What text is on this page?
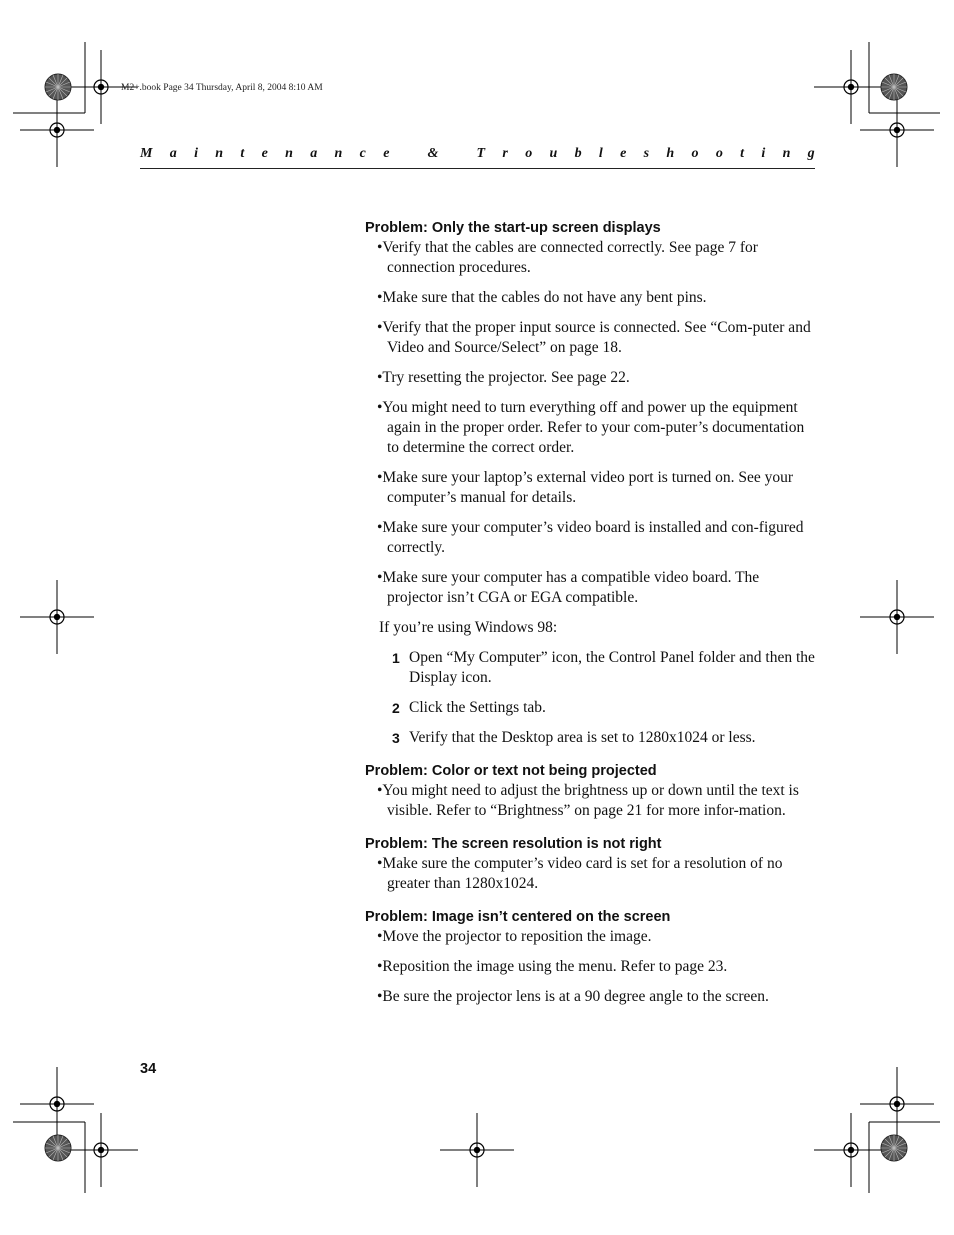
M2+.book Page 34 Thursday, April 8, 2004 8:10 AM
M a i n t e n a n c e
	&
	T r o u b l e s h o o t i n g

Problem: Only the start-up screen displays

•Verify that the cables are connected correctly. See page 7 for connection procedures.

•Make sure that the cables do not have any bent pins.

•Verify that the proper input source is connected. See “Com-puter and Video and Source/Select” on page 18.

•Try resetting the projector. See page 22.

•You might need to turn everything off and power up the equipment again in the proper order. Refer to your com-puter’s documentation to determine the correct order.

•Make sure your laptop’s external video port is turned on. See your computer’s manual for details.

•Make sure your computer’s video board is installed and con-figured correctly.

•Make sure your computer has a compatible video board. The projector isn’t CGA or EGA compatible.

If you’re using Windows 98:

1 Open “My Computer” icon, the Control Panel folder and then the Display icon.
2 Click the Settings tab.
3 Verify that the Desktop area is set to 1280x1024 or less.

Problem: Color or text not being projected

•You might need to adjust the brightness up or down until the text is visible. Refer to “Brightness” on page 21 for more infor-mation.

Problem: The screen resolution is not right

•Make sure the computer’s video card is set for a resolution of no greater than 1280x1024.

Problem: Image isn’t centered on the screen

•Move the projector to reposition the image.

•Reposition the image using the menu. Refer to page 23.

•Be sure the projector lens is at a 90 degree angle to the screen.

34
